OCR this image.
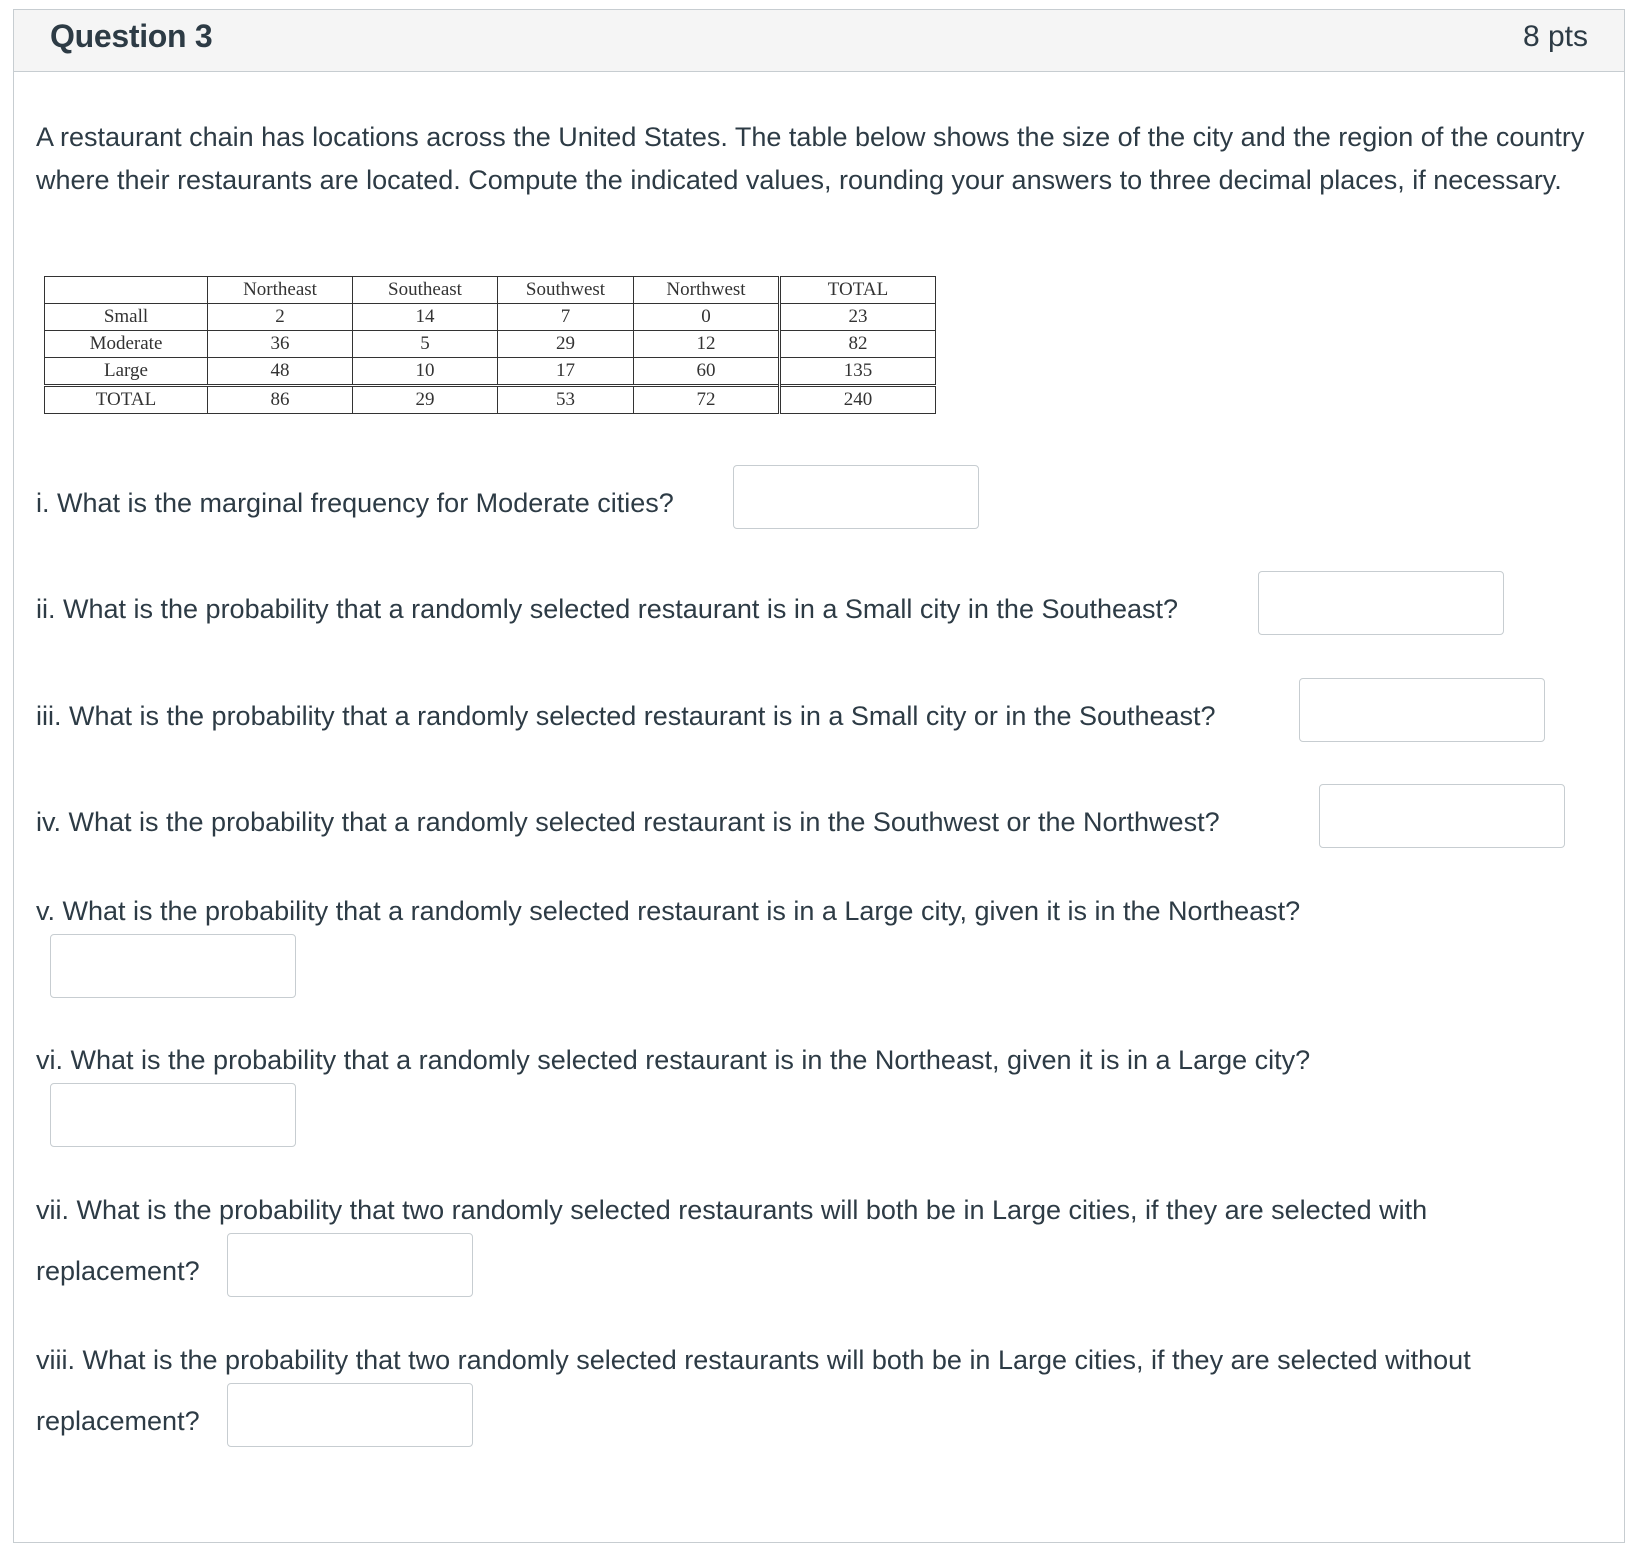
Question 3	8 pts
A restaurant chain has locations across the United States. The table below shows the size of the city and the region of the country where their restaurants are located. Compute the indicated values, rounding your answers to three decimal places, if necessary.
	Northeast	Southeast	Southwest	Northwest	TOTAL
Small	2	14	7	0	23
Moderate	36	5	29	12	82
Large	48	10	17	60	135
TOTAL	86	29	53	72	240
i. What is the marginal frequency for Moderate cities?
ii. What is the probability that a randomly selected restaurant is in a Small city in the Southeast?
iii. What is the probability that a randomly selected restaurant is in a Small city or in the Southeast?
iv. What is the probability that a randomly selected restaurant is in the Southwest or the Northwest?
v. What is the probability that a randomly selected restaurant is in a Large city, given it is in the Northeast?
vi. What is the probability that a randomly selected restaurant is in the Northeast, given it is in a Large city?
vii. What is the probability that two randomly selected restaurants will both be in Large cities, if they are selected with
replacement?
viii. What is the probability that two randomly selected restaurants will both be in Large cities, if they are selected without
replacement?
